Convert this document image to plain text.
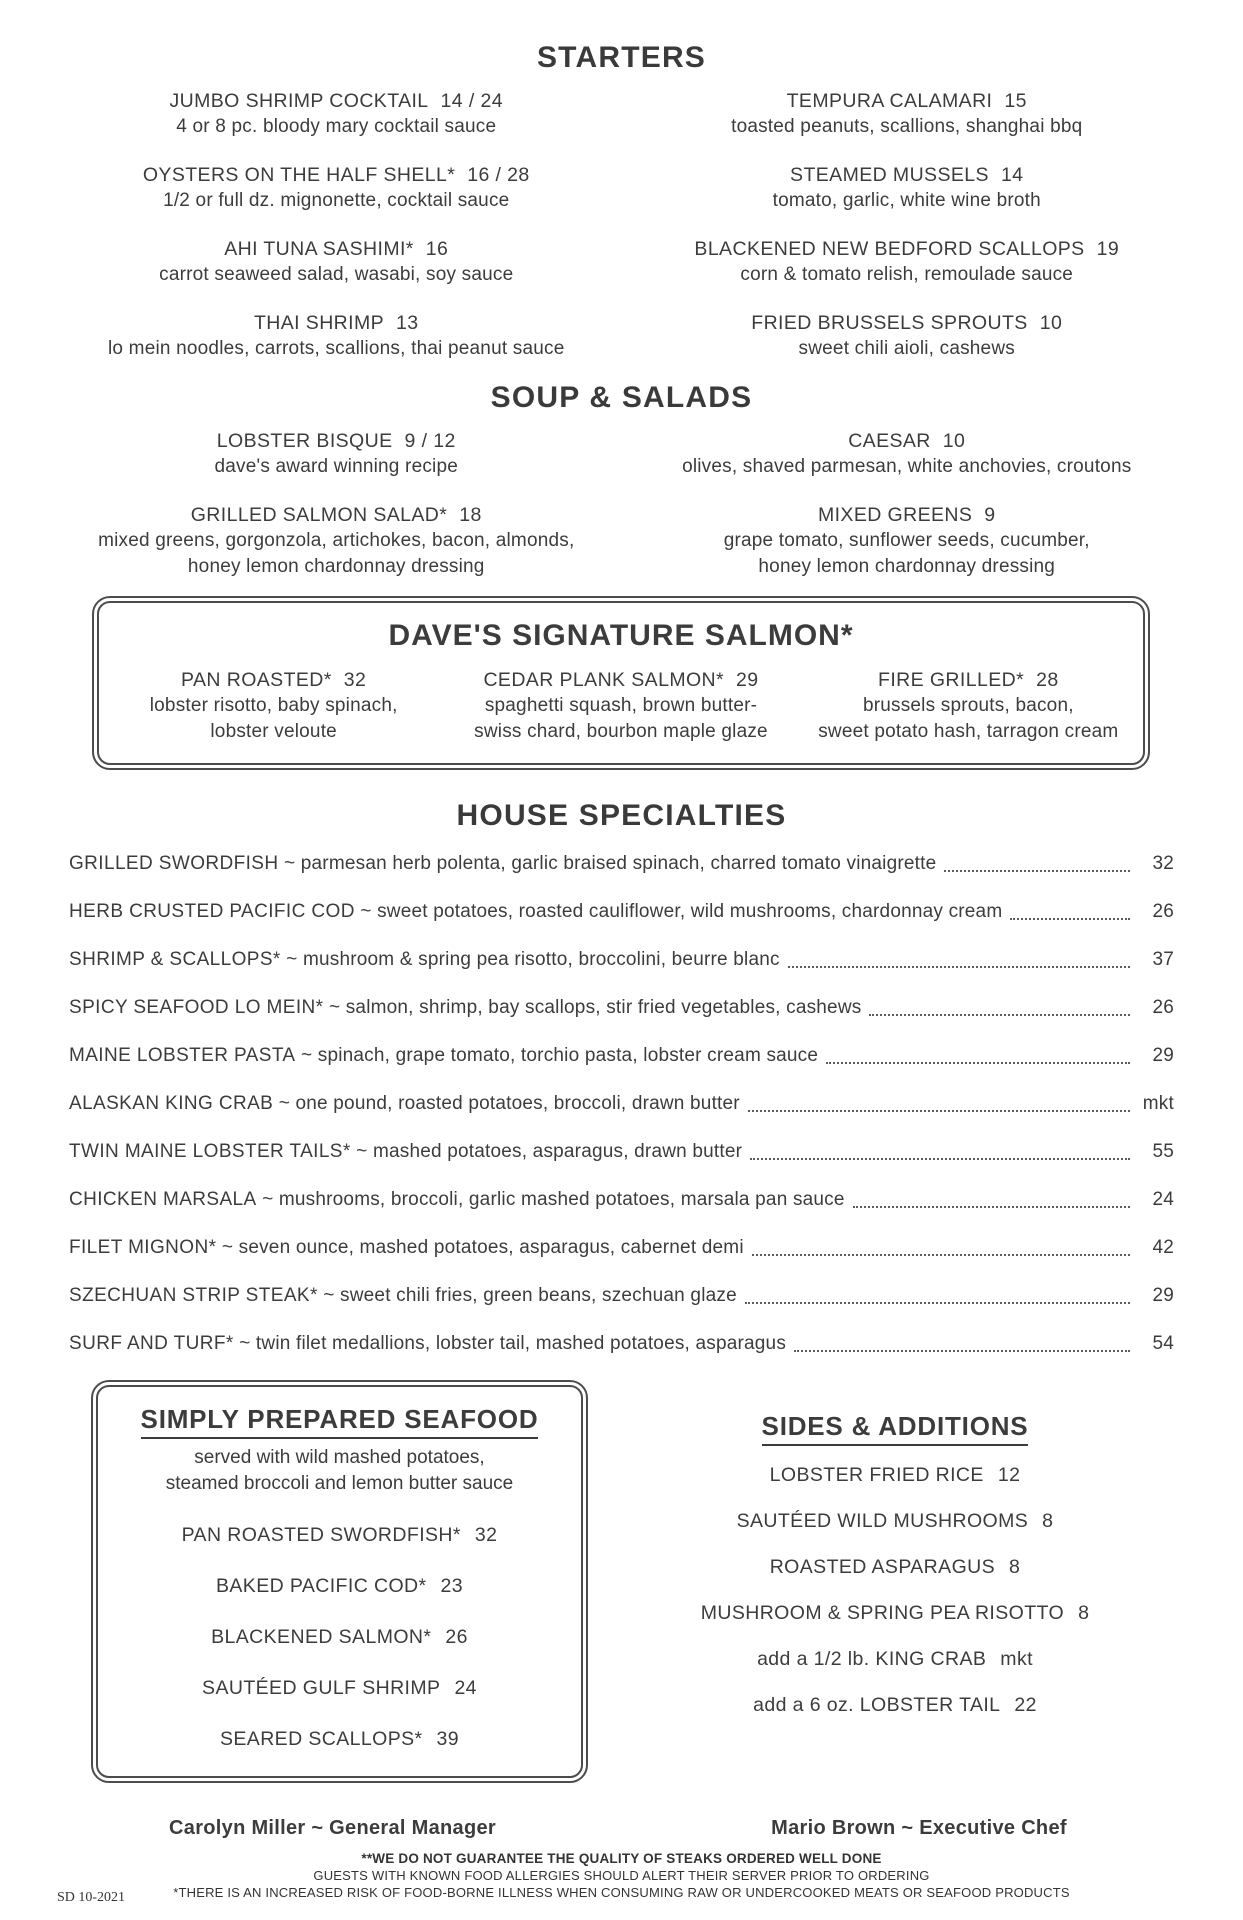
STARTERS
JUMBO SHRIMP COCKTAIL 14 / 24
4 or 8 pc. bloody mary cocktail sauce
TEMPURA CALAMARI 15
toasted peanuts, scallions, shanghai bbq
OYSTERS ON THE HALF SHELL* 16 / 28
1/2 or full dz. mignonette, cocktail sauce
STEAMED MUSSELS 14
tomato, garlic, white wine broth
AHI TUNA SASHIMI* 16
carrot seaweed salad, wasabi, soy sauce
BLACKENED NEW BEDFORD SCALLOPS 19
corn & tomato relish, remoulade sauce
THAI SHRIMP 13
lo mein noodles, carrots, scallions, thai peanut sauce
FRIED BRUSSELS SPROUTS 10
sweet chili aioli, cashews
SOUP & SALADS
LOBSTER BISQUE 9 / 12
dave's award winning recipe
CAESAR 10
olives, shaved parmesan, white anchovies, croutons
GRILLED SALMON SALAD* 18
mixed greens, gorgonzola, artichokes, bacon, almonds,
honey lemon chardonnay dressing
MIXED GREENS 9
grape tomato, sunflower seeds, cucumber,
honey lemon chardonnay dressing
DAVE'S SIGNATURE SALMON*
PAN ROASTED* 32
lobster risotto, baby spinach,
lobster veloute
CEDAR PLANK SALMON* 29
spaghetti squash, brown butter-
swiss chard, bourbon maple glaze
FIRE GRILLED* 28
brussels sprouts, bacon,
sweet potato hash, tarragon cream
HOUSE SPECIALTIES
GRILLED SWORDFISH ~ parmesan herb polenta, garlic braised spinach, charred tomato vinaigrette	32
HERB CRUSTED PACIFIC COD ~ sweet potatoes, roasted cauliflower, wild mushrooms, chardonnay cream	26
SHRIMP & SCALLOPS* ~ mushroom & spring pea risotto, broccolini, beurre blanc	37
SPICY SEAFOOD LO MEIN* ~ salmon, shrimp, bay scallops, stir fried vegetables, cashews	26
MAINE LOBSTER PASTA ~ spinach, grape tomato, torchio pasta, lobster cream sauce	29
ALASKAN KING CRAB ~ one pound, roasted potatoes, broccoli, drawn butter	mkt
TWIN MAINE LOBSTER TAILS* ~ mashed potatoes, asparagus, drawn butter	55
CHICKEN MARSALA ~ mushrooms, broccoli, garlic mashed potatoes, marsala pan sauce	24
FILET MIGNON* ~ seven ounce, mashed potatoes, asparagus, cabernet demi	42
SZECHUAN STRIP STEAK* ~ sweet chili fries, green beans, szechuan glaze	29
SURF AND TURF* ~ twin filet medallions, lobster tail, mashed potatoes, asparagus	54
SIMPLY PREPARED SEAFOOD
served with wild mashed potatoes,
steamed broccoli and lemon butter sauce
PAN ROASTED SWORDFISH* 32
BAKED PACIFIC COD* 23
BLACKENED SALMON* 26
SAUTÉED GULF SHRIMP 24
SEARED SCALLOPS* 39
SIDES & ADDITIONS
LOBSTER FRIED RICE 12
SAUTÉED WILD MUSHROOMS 8
ROASTED ASPARAGUS 8
MUSHROOM & SPRING PEA RISOTTO 8
add a 1/2 lb. KING CRAB mkt
add a 6 oz. LOBSTER TAIL 22
Carolyn Miller ~ General Manager	Mario Brown ~ Executive Chef
**WE DO NOT GUARANTEE THE QUALITY OF STEAKS ORDERED WELL DONE
GUESTS WITH KNOWN FOOD ALLERGIES SHOULD ALERT THEIR SERVER PRIOR TO ORDERING
*THERE IS AN INCREASED RISK OF FOOD-BORNE ILLNESS WHEN CONSUMING RAW OR UNDERCOOKED MEATS OR SEAFOOD PRODUCTS
SD 10-2021
